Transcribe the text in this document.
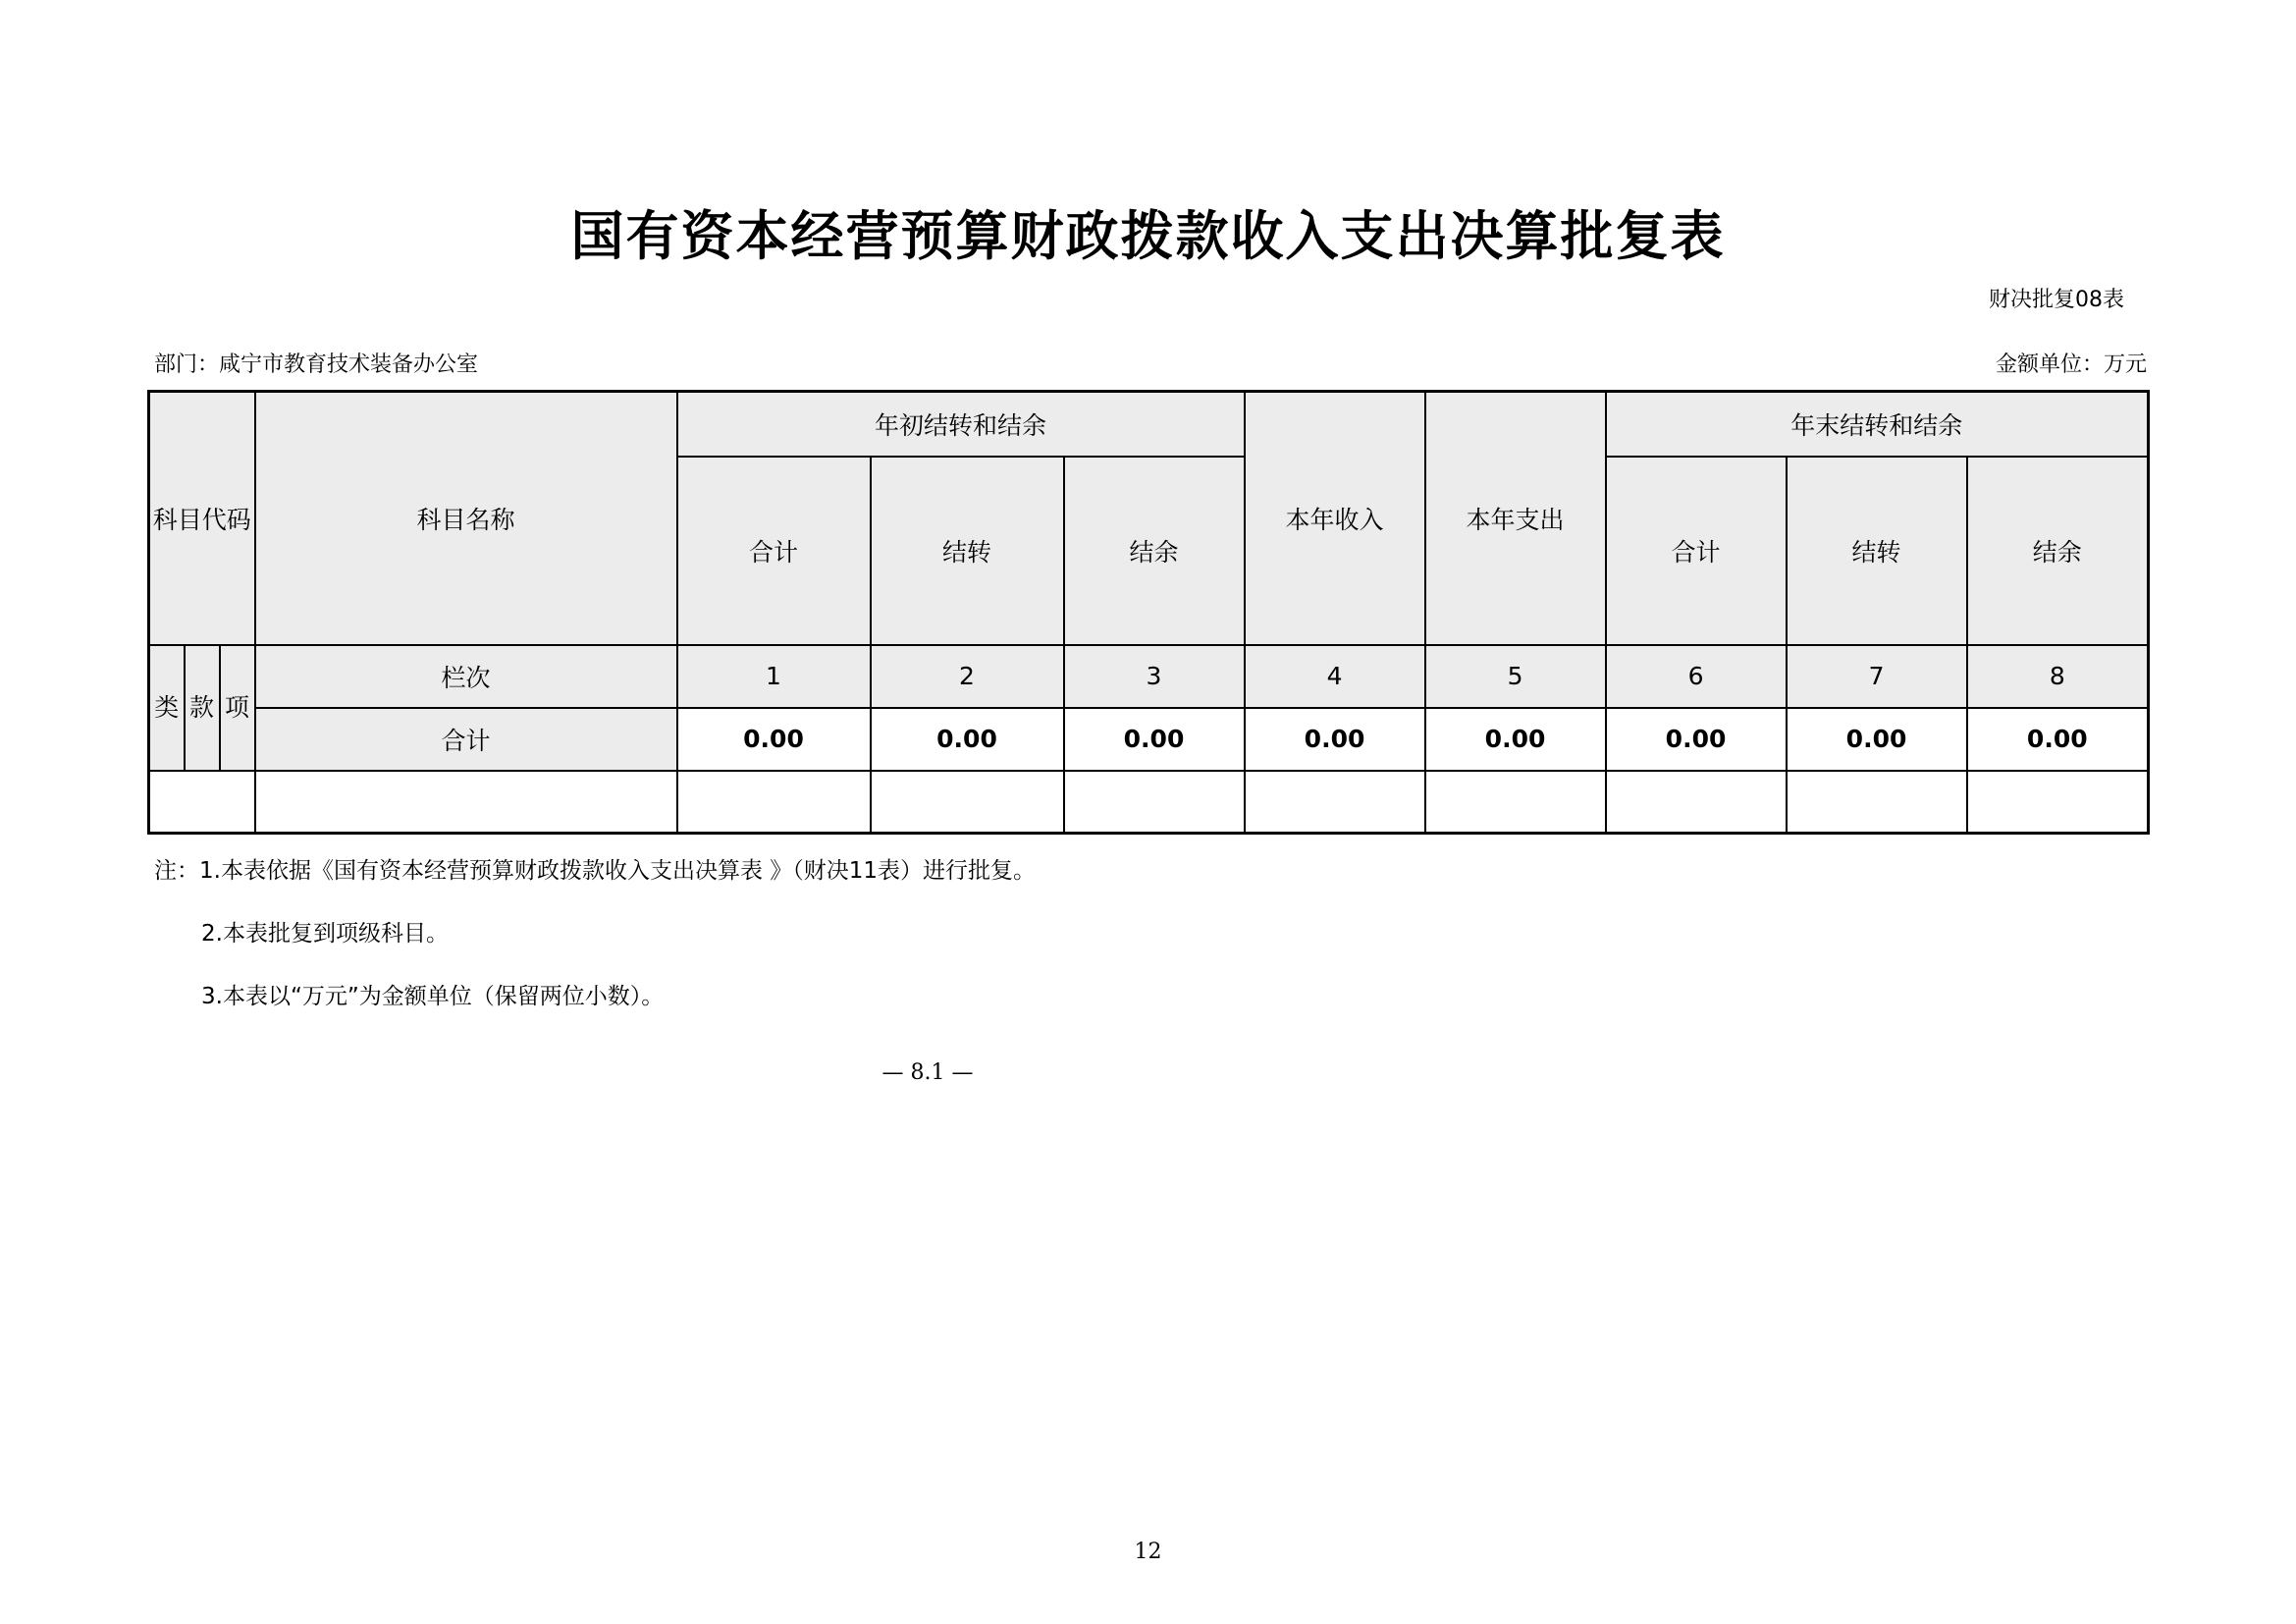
国有资本经营预算财政拨款收入支出决算批复表
财决批复08表
部门：咸宁市教育技术装备办公室	金额单位：万元
科目代码			科目名称	年初结转和结余			本年收入	本年支出	年末结转和结余		
				合计	结转	结余			合计	结转	结余
类	款	项	栏次	1	2	3	4	5	6	7	8
			合计	0.00	0.00	0.00	0.00	0.00	0.00	0.00	0.00

注：1.本表依据《国有资本经营预算财政拨款收入支出决算表 》（财决11表）进行批复。
2.本表批复到项级科目。
3.本表以“万元”为金额单位（保留两位小数）。
— 8.1 —
12
